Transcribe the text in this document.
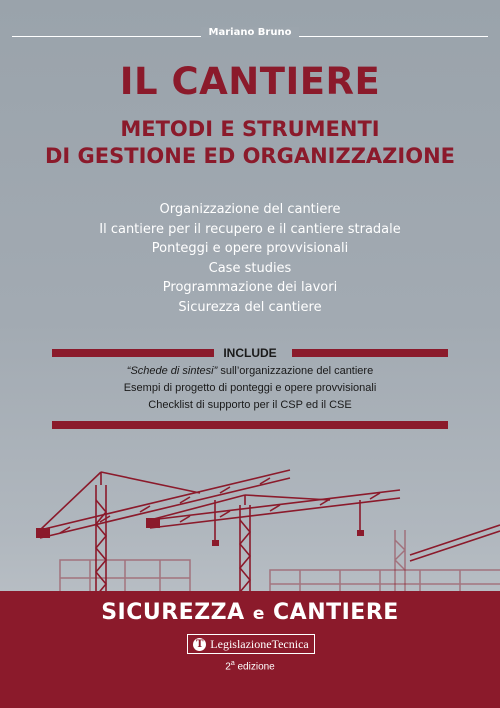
Mariano Bruno
IL CANTIERE
METODI E STRUMENTI
DI GESTIONE ED ORGANIZZAZIONE
Organizzazione del cantiere
Il cantiere per il recupero e il cantiere stradale
Ponteggi e opere provvisionali
Case studies
Programmazione dei lavori
Sicurezza del cantiere
INCLUDE
“Schede di sintesi” sull’organizzazione del cantiere
Esempi di progetto di ponteggi e opere provvisionali
Checklist di supporto per il CSP ed il CSE
SICUREZZA e CANTIERE
T LegislazioneTecnica
2$^a$ edizione
